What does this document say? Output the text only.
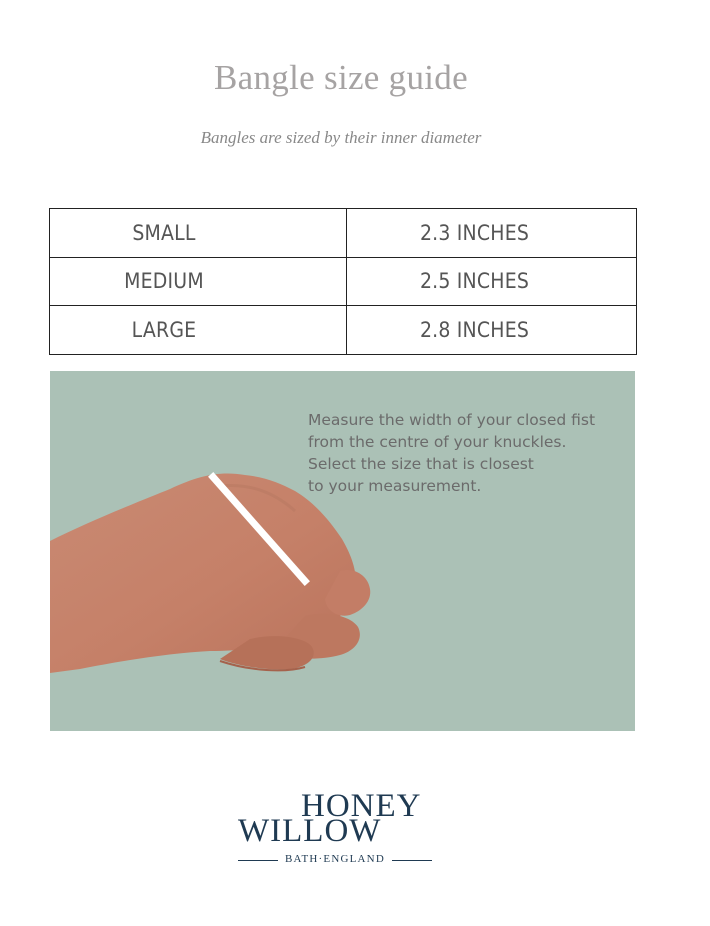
Bangle size guide
Bangles are sized by their inner diameter
SMALL	2.3 INCHES
MEDIUM	2.5 INCHES
LARGE	2.8 INCHES
Measure the width of your closed fist
from the centre of your knuckles.
Select the size that is closest
to your measurement.
HONEY
WILLOW
BATH·ENGLAND
